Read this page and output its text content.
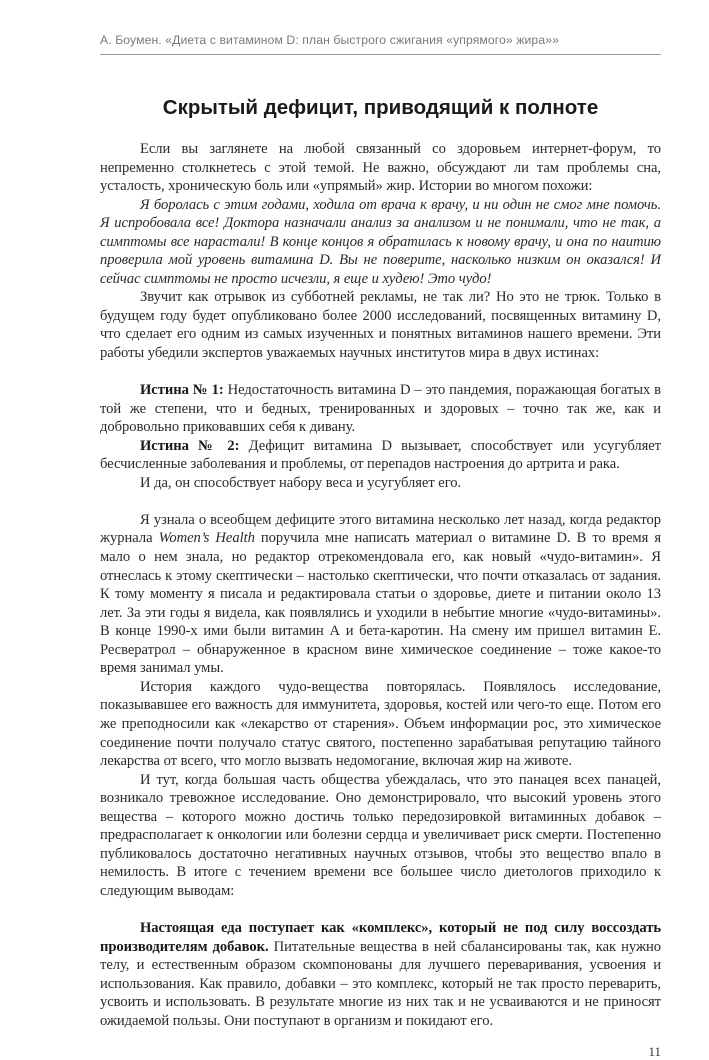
А. Боумен. «Диета с витамином D: план быстрого сжигания «упрямого» жира»»
Скрытый дефицит, приводящий к полноте

Если вы заглянете на любой связанный со здоровьем интернет-форум, то непременно столкнетесь с этой темой. Не важно, обсуждают ли там проблемы сна, усталость, хроническую боль или «упрямый» жир. Истории во многом похожи:

Я боролась с этим годами, ходила от врача к врачу, и ни один не смог мне помочь. Я испробовала все! Доктора назначали анализ за анализом и не понимали, что не так, а симптомы все нарастали! В конце концов я обратилась к новому врачу, и она по наитию проверила мой уровень витамина D. Вы не поверите, насколько низким он оказался! И сейчас симптомы не просто исчезли, я еще и худею! Это чудо!

Звучит как отрывок из субботней рекламы, не так ли? Но это не трюк. Только в будущем году будет опубликовано более 2000 исследований, посвященных витамину D, что сделает его одним из самых изученных и понятных витаминов нашего времени. Эти работы убедили экспертов уважаемых научных институтов мира в двух истинах:

Истина № 1: Недостаточность витамина D – это пандемия, поражающая богатых в той же степени, что и бедных, тренированных и здоровых – точно так же, как и добровольно приковавших себя к дивану.

Истина № 2: Дефицит витамина D вызывает, способствует или усугубляет бесчисленные заболевания и проблемы, от перепадов настроения до артрита и рака.

И да, он способствует набору веса и усугубляет его.

Я узнала о всеобщем дефиците этого витамина несколько лет назад, когда редактор журнала Women’s Health поручила мне написать материал о витамине D. В то время я мало о нем знала, но редактор отрекомендовала его, как новый «чудо-витамин». Я отнеслась к этому скептически – настолько скептически, что почти отказалась от задания. К тому моменту я писала и редактировала статьи о здоровье, диете и питании около 13 лет. За эти годы я видела, как появлялись и уходили в небытие многие «чудо-витамины». В конце 1990-х ими были витамин А и бета-каротин. На смену им пришел витамин Е. Ресвератрол – обнаруженное в красном вине химическое соединение – тоже какое-то время занимал умы.

История каждого чудо-вещества повторялась. Появлялось исследование, показывавшее его важность для иммунитета, здоровья, костей или чего-то еще. Потом его же преподносили как «лекарство от старения». Объем информации рос, это химическое соединение почти получало статус святого, постепенно зарабатывая репутацию тайного лекарства от всего, что могло вызвать недомогание, включая жир на животе.

И тут, когда большая часть общества убеждалась, что это панацея всех панацей, возникало тревожное исследование. Оно демонстрировало, что высокий уровень этого вещества – которого можно достичь только передозировкой витаминных добавок – предрасполагает к онкологии или болезни сердца и увеличивает риск смерти. Постепенно публиковалось достаточно негативных научных отзывов, чтобы это вещество впало в немилость. В итоге с течением времени все большее число диетологов приходило к следующим выводам:

Настоящая еда поступает как «комплекс», который не под силу воссоздать производителям добавок. Питательные вещества в ней сбалансированы так, как нужно телу, и естественным образом скомпонованы для лучшего переваривания, усвоения и использования. Как правило, добавки – это комплекс, который не так просто переварить, усвоить и использовать. В результате многие из них так и не усваиваются и не приносят ожидаемой пользы. Они поступают в организм и покидают его.

11
